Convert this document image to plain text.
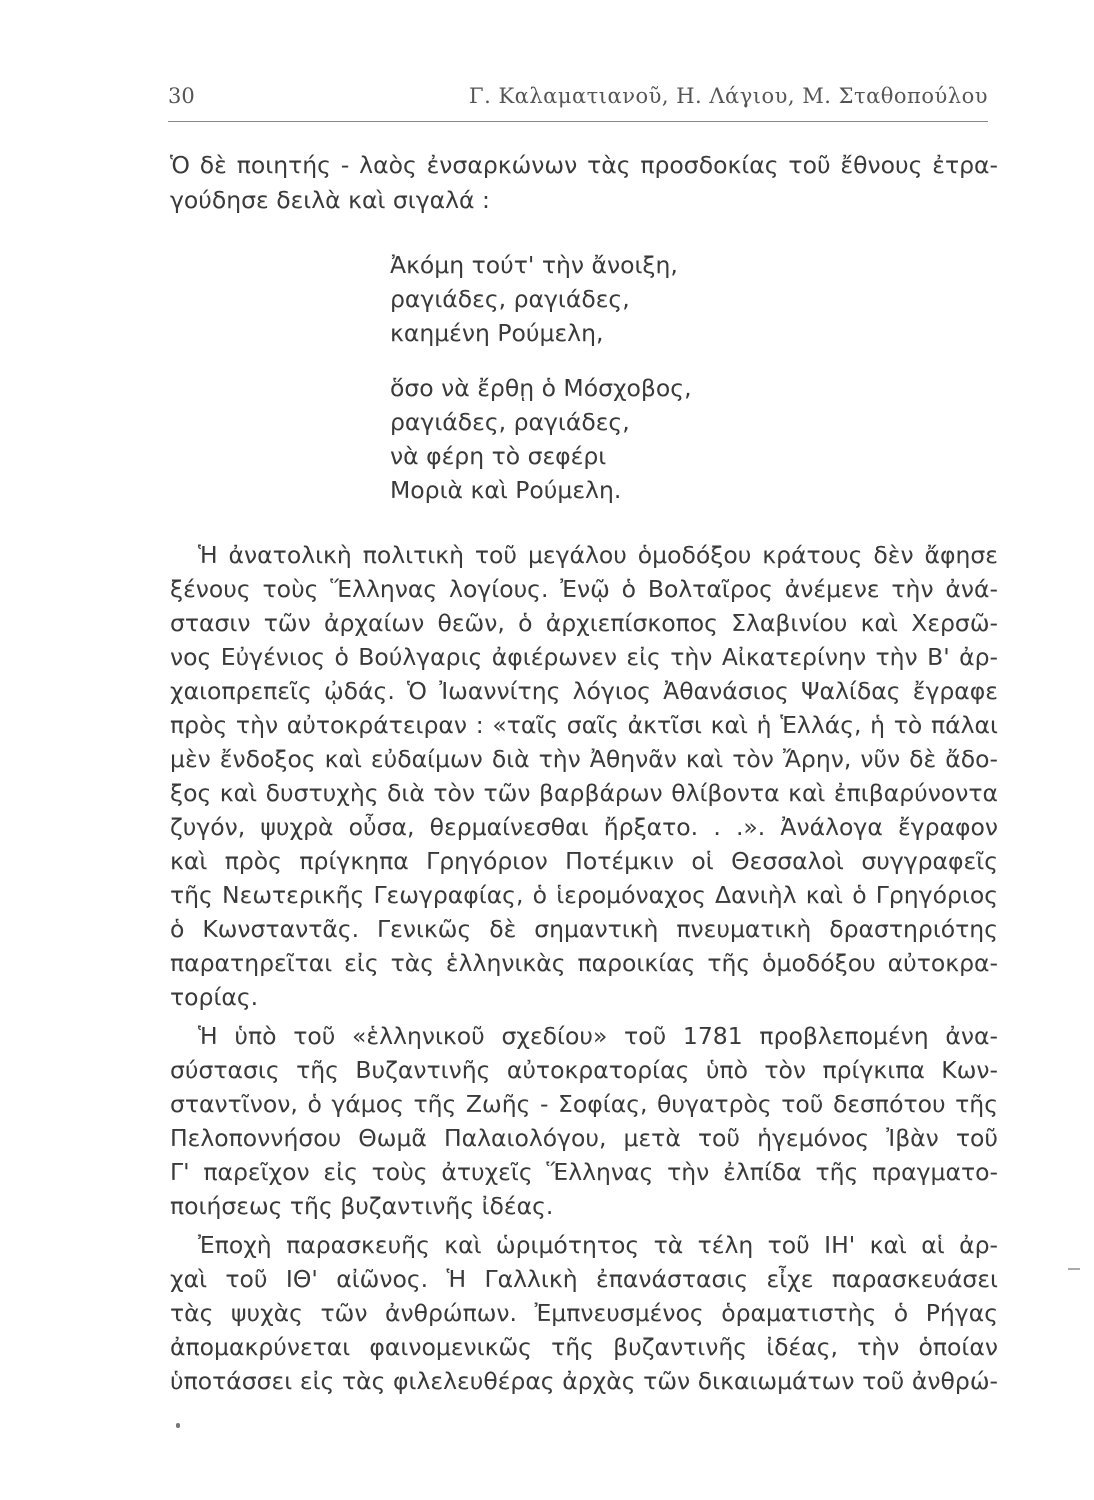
30	Γ. Καλαματιανοῦ, Η. Λάγιου, Μ. Σταθοπούλου
Ὁ δὲ ποιητής - λαὸς ἐνσαρκώνων τὰς προσδοκίας τοῦ ἔθνους ἐτρα-
γούδησε δειλὰ καὶ σιγαλά :
Ἀκόμη τούτ' τὴν ἄνοιξη,
ραγιάδες, ραγιάδες,
καημένη Ρούμελη,
ὅσο νὰ ἔρθῃ ὁ Μόσχοβος,
ραγιάδες, ραγιάδες,
νὰ φέρη τὸ σεφέρι
Μοριὰ καὶ Ρούμελη.
Ἡ ἀνατολικὴ πολιτικὴ τοῦ μεγάλου ὁμοδόξου κράτους δὲν ἄφησε
ξένους τοὺς Ἕλληνας λογίους. Ἐνῷ ὁ Βολταῖρος ἀνέμενε τὴν ἀνά-
στασιν τῶν ἀρχαίων θεῶν, ὁ ἀρχιεπίσκοπος Σλαβινίου καὶ Χερσῶ-
νος Εὐγένιος ὁ Βούλγαρις ἀφιέρωνεν εἰς τὴν Αἰκατερίνην τὴν Β' ἀρ-
χαιοπρεπεῖς ᾠδάς. Ὁ Ἰωαννίτης λόγιος Ἀθανάσιος Ψαλίδας ἔγραφε
πρὸς τὴν αὐτοκράτειραν : «ταῖς σαῖς ἀκτῖσι καὶ ἡ Ἑλλάς, ἡ τὸ πάλαι
μὲν ἔνδοξος καὶ εὐδαίμων διὰ τὴν Ἀθηνᾶν καὶ τὸν Ἄρην, νῦν δὲ ἄδο-
ξος καὶ δυστυχὴς διὰ τὸν τῶν βαρβάρων θλίβοντα καὶ ἐπιβαρύνοντα
ζυγόν, ψυχρὰ οὖσα, θερμαίνεσθαι ἤρξατο. . .». Ἀνάλογα ἔγραφον
καὶ πρὸς πρίγκηπα Γρηγόριον Ποτέμκιν οἱ Θεσσαλοὶ συγγραφεῖς
τῆς Νεωτερικῆς Γεωγραφίας, ὁ ἱερομόναχος Δανιὴλ καὶ ὁ Γρηγόριος
ὁ Κωνσταντᾶς. Γενικῶς δὲ σημαντικὴ πνευματικὴ δραστηριότης
παρατηρεῖται εἰς τὰς ἑλληνικὰς παροικίας τῆς ὁμοδόξου αὐτοκρα-
τορίας.
Ἡ ὑπὸ τοῦ «ἑλληνικοῦ σχεδίου» τοῦ 1781 προβλεπομένη ἀνα-
σύστασις τῆς Βυζαντινῆς αὐτοκρατορίας ὑπὸ τὸν πρίγκιπα Κων-
σταντῖνον, ὁ γάμος τῆς Ζωῆς - Σοφίας, θυγατρὸς τοῦ δεσπότου τῆς
Πελοποννήσου Θωμᾶ Παλαιολόγου, μετὰ τοῦ ἡγεμόνος Ἰβὰν τοῦ
Γ' παρεῖχον εἰς τοὺς ἀτυχεῖς Ἕλληνας τὴν ἐλπίδα τῆς πραγματο-
ποιήσεως τῆς βυζαντινῆς ἰδέας.
Ἐποχὴ παρασκευῆς καὶ ὡριμότητος τὰ τέλη τοῦ ΙΗ' καὶ αἱ ἀρ-
χαὶ τοῦ ΙΘ' αἰῶνος. Ἡ Γαλλικὴ ἐπανάστασις εἶχε παρασκευάσει
τὰς ψυχὰς τῶν ἀνθρώπων. Ἐμπνευσμένος ὁραματιστὴς ὁ Ρήγας
ἀπομακρύνεται φαινομενικῶς τῆς βυζαντινῆς ἰδέας, τὴν ὁποίαν
ὑποτάσσει εἰς τὰς φιλελευθέρας ἀρχὰς τῶν δικαιωμάτων τοῦ ἀνθρώ-
